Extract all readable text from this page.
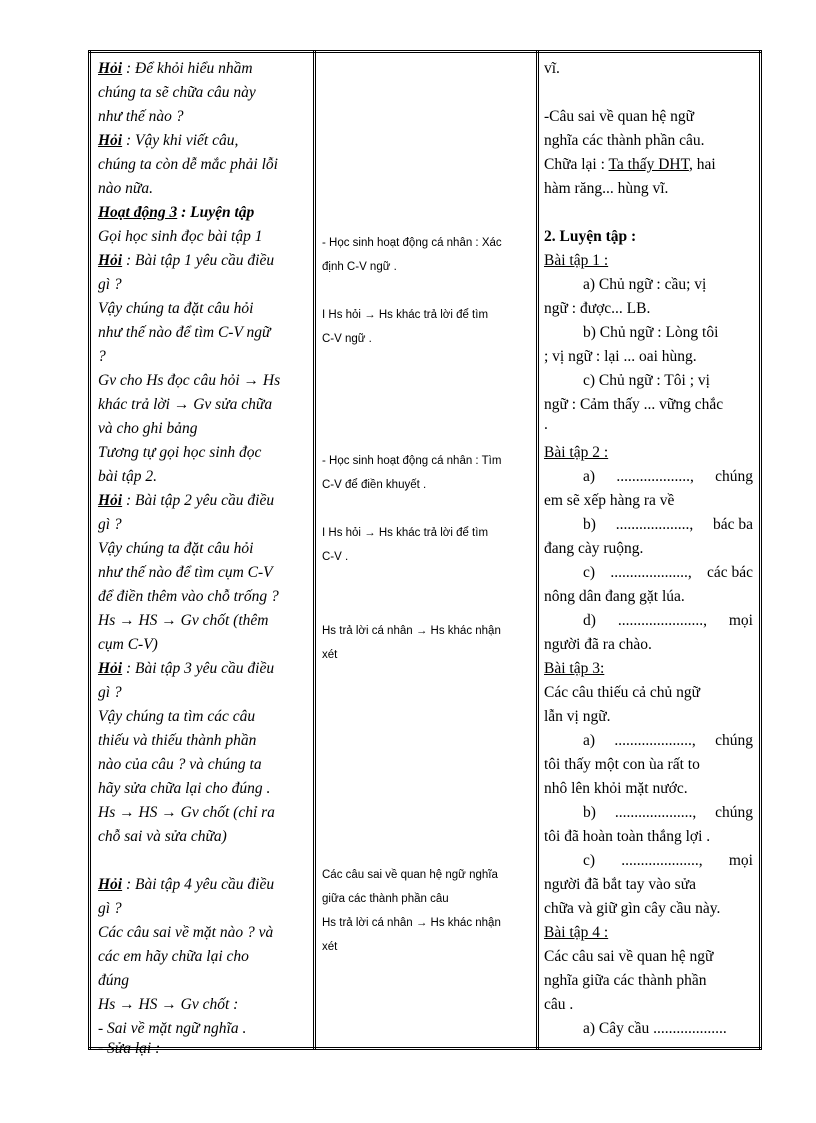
Hỏi : Để khỏi hiểu nhầm
chúng ta sẽ chữa câu này
như thế nào ?
Hỏi : Vậy khi viết câu,
chúng ta còn dễ mắc phải lỗi
nào nữa.
Hoạt động 3 : Luyện tập
Gọi học sinh đọc bài tập 1
Hỏi : Bài tập 1 yêu cầu điều
gì ?
Vậy chúng ta đặt câu hỏi
như thế nào để tìm C-V ngữ
?
Gv cho Hs đọc câu hỏi → Hs
khác trả lời → Gv sửa chữa
và cho ghi bảng
Tương tự gọi học sinh đọc
bài tập 2.
Hỏi : Bài tập 2 yêu cầu điều
gì ?
Vậy chúng ta đặt câu hỏi
như thế nào để tìm cụm C-V
để điền thêm vào chỗ trống ?
Hs → HS → Gv chốt (thêm
cụm C-V)
Hỏi : Bài tập 3 yêu cầu điều
gì ?
Vậy chúng ta tìm các câu
thiếu và thiếu thành phần
nào của câu ? và chúng ta
hãy sửa chữa lại cho đúng .
Hs → HS → Gv chốt (chỉ ra
chỗ sai và sửa chữa)
Hỏi : Bài tập 4 yêu cầu điều
gì ?
Các câu sai về mặt nào ? và
các em hãy chữa lại cho
đúng
Hs → HS → Gv chốt :
- Sai về mặt ngữ nghĩa .
- Sửa lại :

- Học sinh hoạt động cá nhân : Xác
định C-V ngữ .
I Hs hỏi → Hs khác trả lời để tìm
C-V ngữ .
- Học sinh hoạt động cá nhân : Tìm
C-V để điền khuyết .
I Hs hỏi → Hs khác trả lời để tìm
C-V .
Hs trả lời cá nhân → Hs khác nhận
xét
Các câu sai về quan hệ ngữ nghĩa
giữa các thành phần câu
Hs trả lời cá nhân → Hs khác nhận
xét

vĩ.
-Câu sai về quan hệ ngữ
nghĩa các thành phần câu.
Chữa lại : Ta thấy DHT, hai
hàm răng... hùng vĩ.
2. Luyện tập :
Bài tập 1 :
a) Chủ ngữ : cầu; vị
ngữ : được... LB.
b) Chủ ngữ : Lòng tôi
; vị ngữ : lại ... oai hùng.
c) Chủ ngữ : Tôi ; vị
ngữ : Cảm thấy ... vững chắc
.
Bài tập 2 :
a) ..................., chúng
em sẽ xếp hàng ra về
b) ..................., bác ba
đang cày ruộng.
c) ...................., các bác
nông dân đang gặt lúa.
d) ......................, mọi
người đã ra chào.
Bài tập 3:
Các câu thiếu cả chủ ngữ
lẫn vị ngữ.
a) ...................., chúng
tôi thấy một con ùa rất to
nhô lên khỏi mặt nước.
b) ...................., chúng
tôi đã hoàn toàn thắng lợi .
c) ...................., mọi
người đã bắt tay vào sửa
chữa và giữ gìn cây cầu này.
Bài tập 4 :
Các câu sai về quan hệ ngữ
nghĩa giữa các thành phần
câu .
a) Cây cầu ...................
